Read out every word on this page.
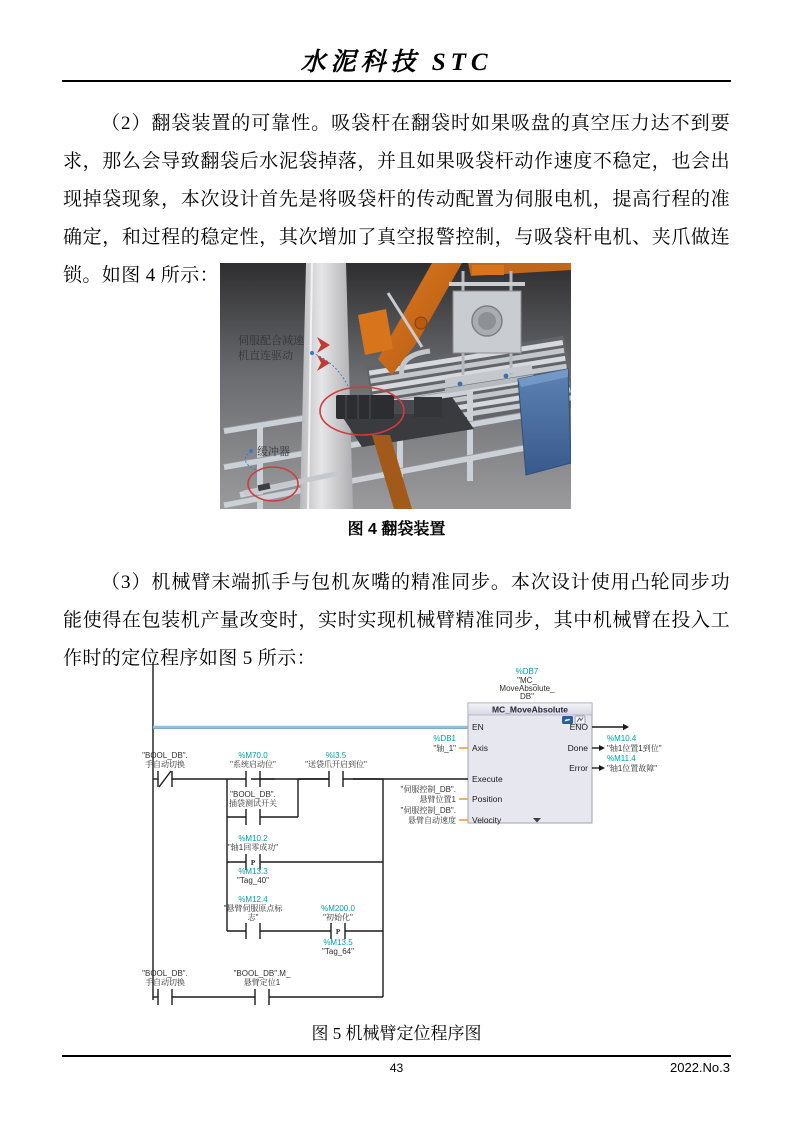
水泥科技 STC

（2）翻袋装置的可靠性。吸袋杆在翻袋时如果吸盘的真空压力达不到要求，那么会导致翻袋后水泥袋掉落，并且如果吸袋杆动作速度不稳定，也会出现掉袋现象，本次设计首先是将吸袋杆的传动配置为伺服电机，提高行程的准确定，和过程的稳定性，其次增加了真空报警控制，与吸袋杆电机、夹爪做连锁。如图 4 所示：

伺服配合减速
机直连驱动
缓冲器
图 4 翻袋装置

（3）机械臂末端抓手与包机灰嘴的精准同步。本次设计使用凸轮同步功能使得在包装机产量改变时，实时实现机械臂精准同步，其中机械臂在投入工作时的定位程序如图 5 所示：

%DB7
"MC_
MoveAbsolute_
DB"
MC_MoveAbsolute
EN
Axis
Execute
Position
Velocity
ENO
Done
Error
%M10.4
"轴1位置1到位"
%M11.4
"轴1位置故障"
%DB1
"轴_1"
"伺服控制_DB".
悬臂位置1
"伺服控制_DB".
悬臂自动速度
"BOOL_DB".
手自动切换
%M70.0
"系统启动位"
%I3.5
"送袋爪开启到位"
"BOOL_DB".
插袋测试开关
P
%M10.2
"轴1回零成功"
%M13.3
"Tag_40"
P
%M12.4
"悬臂伺服原点标
志"
%M200.0
"初始化"
%M13.5
"Tag_64"
"BOOL_DB".
手自动切换
"BOOL_DB".M_
悬臂定位1
图 5 机械臂定位程序图
43	2022.No.3
